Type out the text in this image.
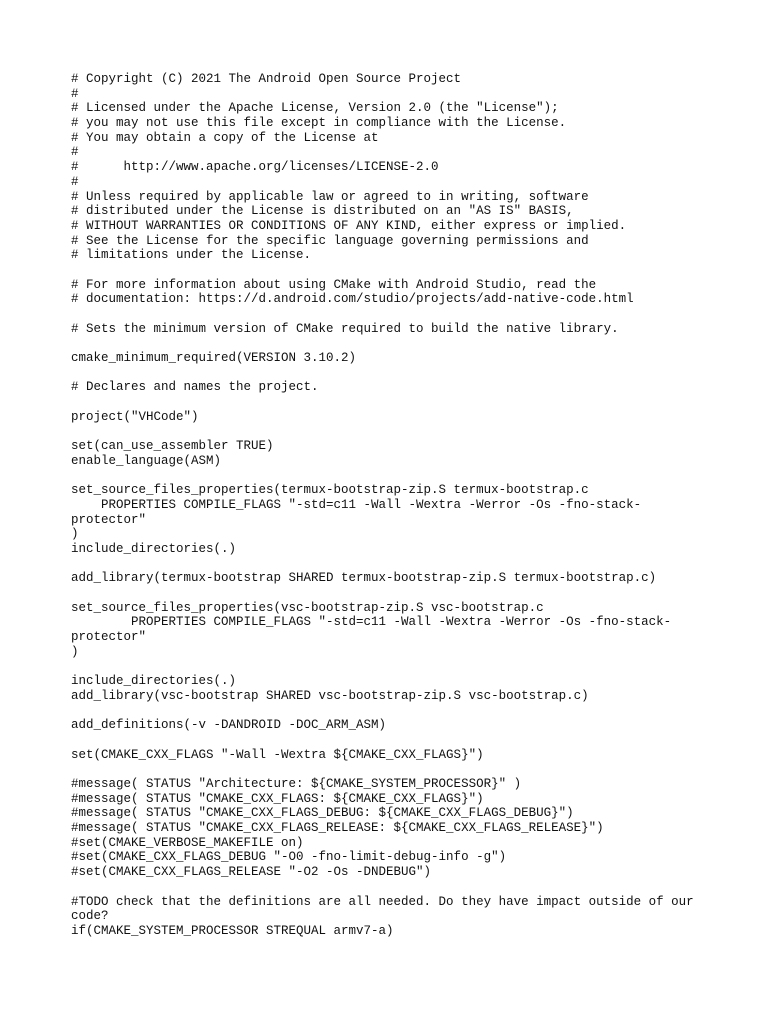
# Copyright (C) 2021 The Android Open Source Project
#
# Licensed under the Apache License, Version 2.0 (the "License");
# you may not use this file except in compliance with the License.
# You may obtain a copy of the License at
#
#      http://www.apache.org/licenses/LICENSE-2.0
#
# Unless required by applicable law or agreed to in writing, software
# distributed under the License is distributed on an "AS IS" BASIS,
# WITHOUT WARRANTIES OR CONDITIONS OF ANY KIND, either express or implied.
# See the License for the specific language governing permissions and
# limitations under the License.
# For more information about using CMake with Android Studio, read the
# documentation: https://d.android.com/studio/projects/add-native-code.html
# Sets the minimum version of CMake required to build the native library.
cmake_minimum_required(VERSION 3.10.2)
# Declares and names the project.
project("VHCode")
set(can_use_assembler TRUE)
enable_language(ASM)
set_source_files_properties(termux-bootstrap-zip.S termux-bootstrap.c
PROPERTIES COMPILE_FLAGS "-std=c11 -Wall -Wextra -Werror -Os -fno-stack-
protector"
)
include_directories(.)
add_library(termux-bootstrap SHARED termux-bootstrap-zip.S termux-bootstrap.c)
set_source_files_properties(vsc-bootstrap-zip.S vsc-bootstrap.c
PROPERTIES COMPILE_FLAGS "-std=c11 -Wall -Wextra -Werror -Os -fno-stack-
protector"
)
include_directories(.)
add_library(vsc-bootstrap SHARED vsc-bootstrap-zip.S vsc-bootstrap.c)
add_definitions(-v -DANDROID -DOC_ARM_ASM)
set(CMAKE_CXX_FLAGS "-Wall -Wextra ${CMAKE_CXX_FLAGS}")
#message( STATUS "Architecture: ${CMAKE_SYSTEM_PROCESSOR}" )
#message( STATUS "CMAKE_CXX_FLAGS: ${CMAKE_CXX_FLAGS}")
#message( STATUS "CMAKE_CXX_FLAGS_DEBUG: ${CMAKE_CXX_FLAGS_DEBUG}")
#message( STATUS "CMAKE_CXX_FLAGS_RELEASE: ${CMAKE_CXX_FLAGS_RELEASE}")
#set(CMAKE_VERBOSE_MAKEFILE on)
#set(CMAKE_CXX_FLAGS_DEBUG "-O0 -fno-limit-debug-info -g")
#set(CMAKE_CXX_FLAGS_RELEASE "-O2 -Os -DNDEBUG")
#TODO check that the definitions are all needed. Do they have impact outside of our
code?
if(CMAKE_SYSTEM_PROCESSOR STREQUAL armv7-a)
